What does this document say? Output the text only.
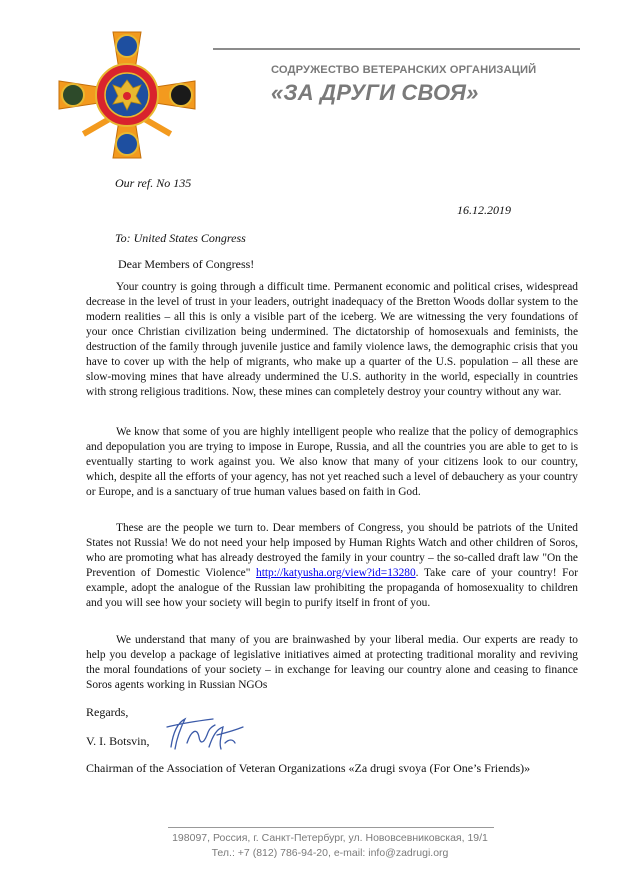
СОДРУЖЕСТВО ВЕТЕРАНСКИХ ОРГАНИЗАЦИЙ
«ЗА ДРУГИ СВОЯ»
Our ref. No 135
16.12.2019
To: United States Congress
Dear Members of Congress!

Your country is going through a difficult time. Permanent economic and political crises, widespread decrease in the level of trust in your leaders, outright inadequacy of the Bretton Woods dollar system to the modern realities – all this is only a visible part of the iceberg. We are witnessing the very foundations of your once Christian civilization being undermined. The dictatorship of homosexuals and feminists, the destruction of the family through juvenile justice and family violence laws, the demographic crisis that you have to cover up with the help of migrants, who make up a quarter of the U.S. population – all these are slow-moving mines that have already undermined the U.S. authority in the world, especially in countries with strong religious traditions. Now, these mines can completely destroy your country without any war.

We know that some of you are highly intelligent people who realize that the policy of demographics and depopulation you are trying to impose in Europe, Russia, and all the countries you are able to get to is eventually starting to work against you. We also know that many of your citizens look to our country, which, despite all the efforts of your agency, has not yet reached such a level of debauchery as your country or Europe, and is a sanctuary of true human values based on faith in God.

These are the people we turn to. Dear members of Congress, you should be patriots of the United States not Russia! We do not need your help imposed by Human Rights Watch and other children of Soros, who are promoting what has already destroyed the family in your country – the so-called draft law "On the Prevention of Domestic Violence" http://katyusha.org/view?id=13280. Take care of your country! For example, adopt the analogue of the Russian law prohibiting the propaganda of homosexuality to children and you will see how your society will begin to purify itself in front of you.

We understand that many of you are brainwashed by your liberal media. Our experts are ready to help you develop a package of legislative initiatives aimed at protecting traditional morality and reviving the moral foundations of your society – in exchange for leaving our country alone and ceasing to finance Soros agents working in Russian NGOs

Regards,
V. I. Botsvin,
Chairman of the Association of Veteran Organizations «Za drugi svoya (For One’s Friends)»
198097, Россия, г. Санкт-Петербург, ул. Нововсевниковская, 19/1
Тел.: +7 (812) 786-94-20, e-mail: info@zadrugi.org
